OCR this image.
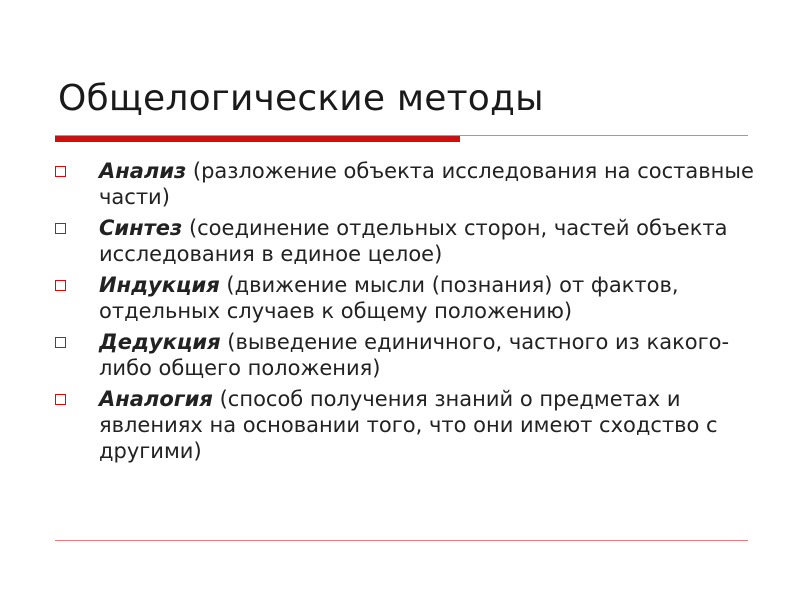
Общелогические методы
Анализ (разложение объекта исследования на составные части)
Синтез (соединение отдельных сторон, частей объекта исследования в единое целое)
Индукция (движение мысли (познания) от фактов, отдельных случаев к общему положению)
Дедукция (выведение единичного, частного из какого-либо общего положения)
Аналогия (способ получения знаний о предметах и явлениях на основании того, что они имеют сходство с другими)
